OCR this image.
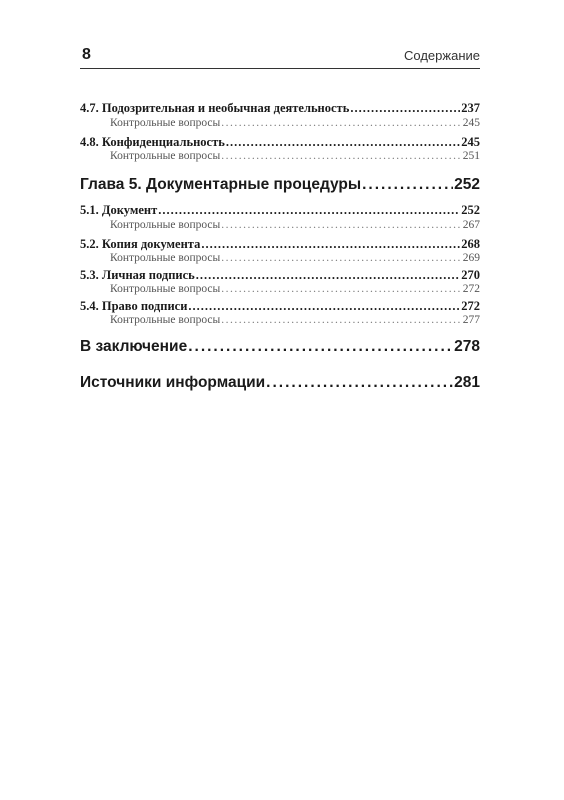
8	Содержание
4.7. Подозрительная и необычная деятельность .....	237
Контрольные вопросы .....	245
4.8. Конфиденциальность .....	245
Контрольные вопросы .....	251
Глава 5. Документарные процедуры .....	252
5.1. Документ .....	252
Контрольные вопросы .....	267
5.2. Копия документа .....	268
Контрольные вопросы .....	269
5.3. Личная подпись .....	270
Контрольные вопросы .....	272
5.4. Право подписи .....	272
Контрольные вопросы .....	277
В заключение .....	278
Источники информации .....	281
